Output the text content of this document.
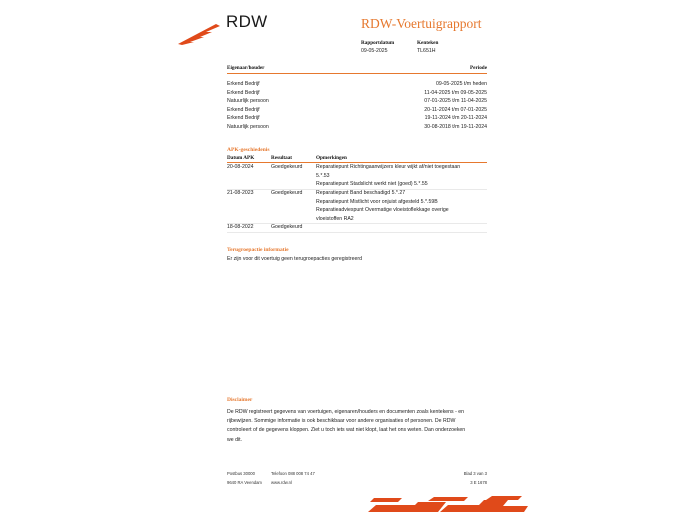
RDW	RDW-Voertuigrapport
Rapportdatum
09-05-2025
Kenteken
TL651H
Eigenaar/houder	Periode
Erkend Bedrijf	09-05-2025 t/m heden
Erkend Bedrijf	11-04-2025 t/m 09-05-2025
Natuurlijk persoon	07-01-2025 t/m 11-04-2025
Erkend Bedrijf	20-11-2024 t/m 07-01-2025
Erkend Bedrijf	19-11-2024 t/m 20-11-2024
Natuurlijk persoon	30-08-2018 t/m 19-11-2024
APK-geschiedenis
Datum APK	Resultaat	Opmerkingen
20-08-2024	Goedgekeurd	Reparatiepunt Richtingaanwijzers kleur wijkt af/niet toegestaan
5.*.53
Reparatiepunt Stadslicht werkt niet (goed) 5.*.55
21-08-2023	Goedgekeurd	Reparatiepunt Band beschadigd 5.*.27
Reparatiepunt Mistlicht voor onjuist afgesteld 5.*.59B
Reparatieadviespunt Overmatige vloeistoflekkage overige
vloeistoffen RA2
18-08-2022	Goedgekeurd
Terugroepactie informatie
Er zijn voor dit voertuig geen terugroepacties geregistreerd
Disclaimer
De RDW registreert gegevens van voertuigen, eigenaren/houders en documenten zoals kentekens - en
rijbewijzen. Sommige informatie is ook beschikbaar voor andere organisaties of personen. De RDW
controleert of de gegevens kloppen. Ziet u toch iets wat niet klopt, laat het ons weten. Dan onderzoeken
we dit.
Postbus 30000
9640 RA Veendam
Telefoon 088 008 74 47
www.rdw.nl
Blad 3 van 3
3 E 1678
